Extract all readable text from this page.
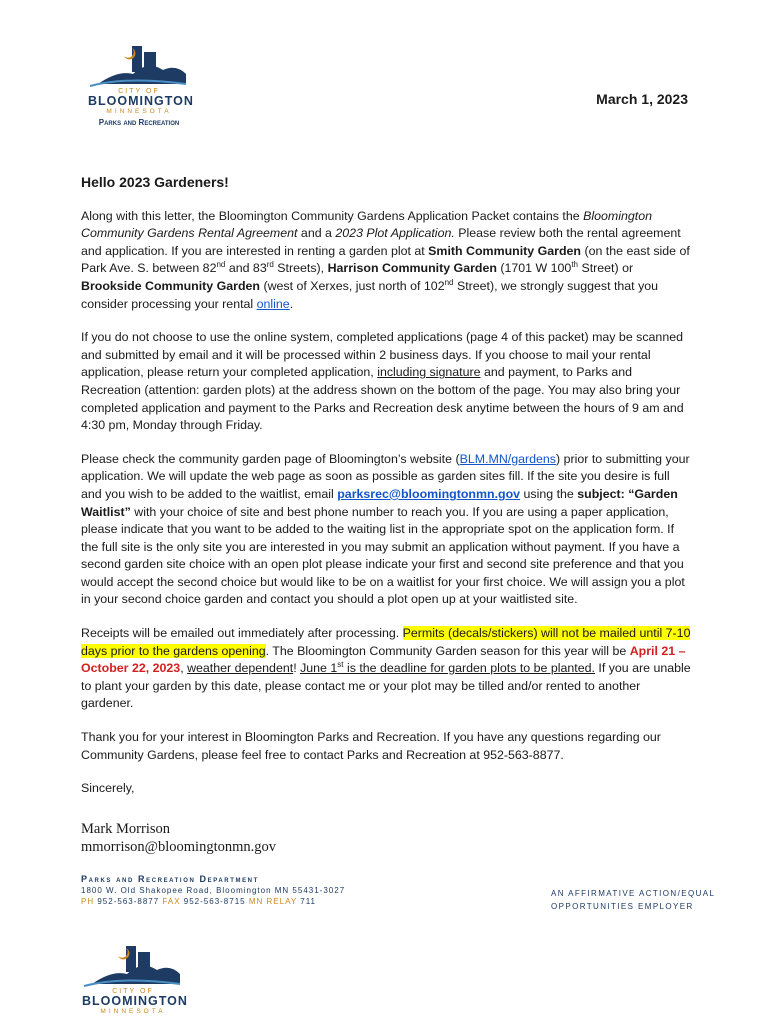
CITY OF
BLOOMINGTON
MINNESOTA
Parks and Recreation
March 1, 2023

Hello 2023 Gardeners!

Along with this letter, the Bloomington Community Gardens Application Packet contains the Bloomington Community Gardens Rental Agreement and a 2023 Plot Application. Please review both the rental agreement and application. If you are interested in renting a garden plot at Smith Community Garden (on the east side of Park Ave. S. between 82nd and 83rd Streets), Harrison Community Garden (1701 W 100th Street) or Brookside Community Garden (west of Xerxes, just north of 102nd Street), we strongly suggest that you consider processing your rental online.

If you do not choose to use the online system, completed applications (page 4 of this packet) may be scanned and submitted by email and it will be processed within 2 business days. If you choose to mail your rental application, please return your completed application, including signature and payment, to Parks and Recreation (attention: garden plots) at the address shown on the bottom of the page. You may also bring your completed application and payment to the Parks and Recreation desk anytime between the hours of 9 am and 4:30 pm, Monday through Friday.

Please check the community garden page of Bloomington’s website (BLM.MN/gardens) prior to submitting your application. We will update the web page as soon as possible as garden sites fill. If the site you desire is full and you wish to be added to the waitlist, email parksrec@bloomingtonmn.gov using the subject: “Garden Waitlist” with your choice of site and best phone number to reach you. If you are using a paper application, please indicate that you want to be added to the waiting list in the appropriate spot on the application form. If the full site is the only site you are interested in you may submit an application without payment. If you have a second garden site choice with an open plot please indicate your first and second site preference and that you would accept the second choice but would like to be on a waitlist for your first choice. We will assign you a plot in your second choice garden and contact you should a plot open up at your waitlisted site.

Receipts will be emailed out immediately after processing. Permits (decals/stickers) will not be mailed until 7-10 days prior to the gardens opening. The Bloomington Community Garden season for this year will be April 21 – October 22, 2023, weather dependent! June 1st is the deadline for garden plots to be planted. If you are unable to plant your garden by this date, please contact me or your plot may be tilled and/or rented to another gardener.

Thank you for your interest in Bloomington Parks and Recreation. If you have any questions regarding our Community Gardens, please feel free to contact Parks and Recreation at 952-563-8877.

Sincerely,

Mark Morrison
mmorrison@bloomingtonmn.gov
Parks and Recreation Department
1800 W. Old Shakopee Road, Bloomington MN 55431-3027
PH 952-563-8877 FAX 952-563-8715 MN RELAY 711
AN AFFIRMATIVE ACTION/EQUAL
OPPORTUNITIES EMPLOYER
CITY OF
BLOOMINGTON
MINNESOTA
